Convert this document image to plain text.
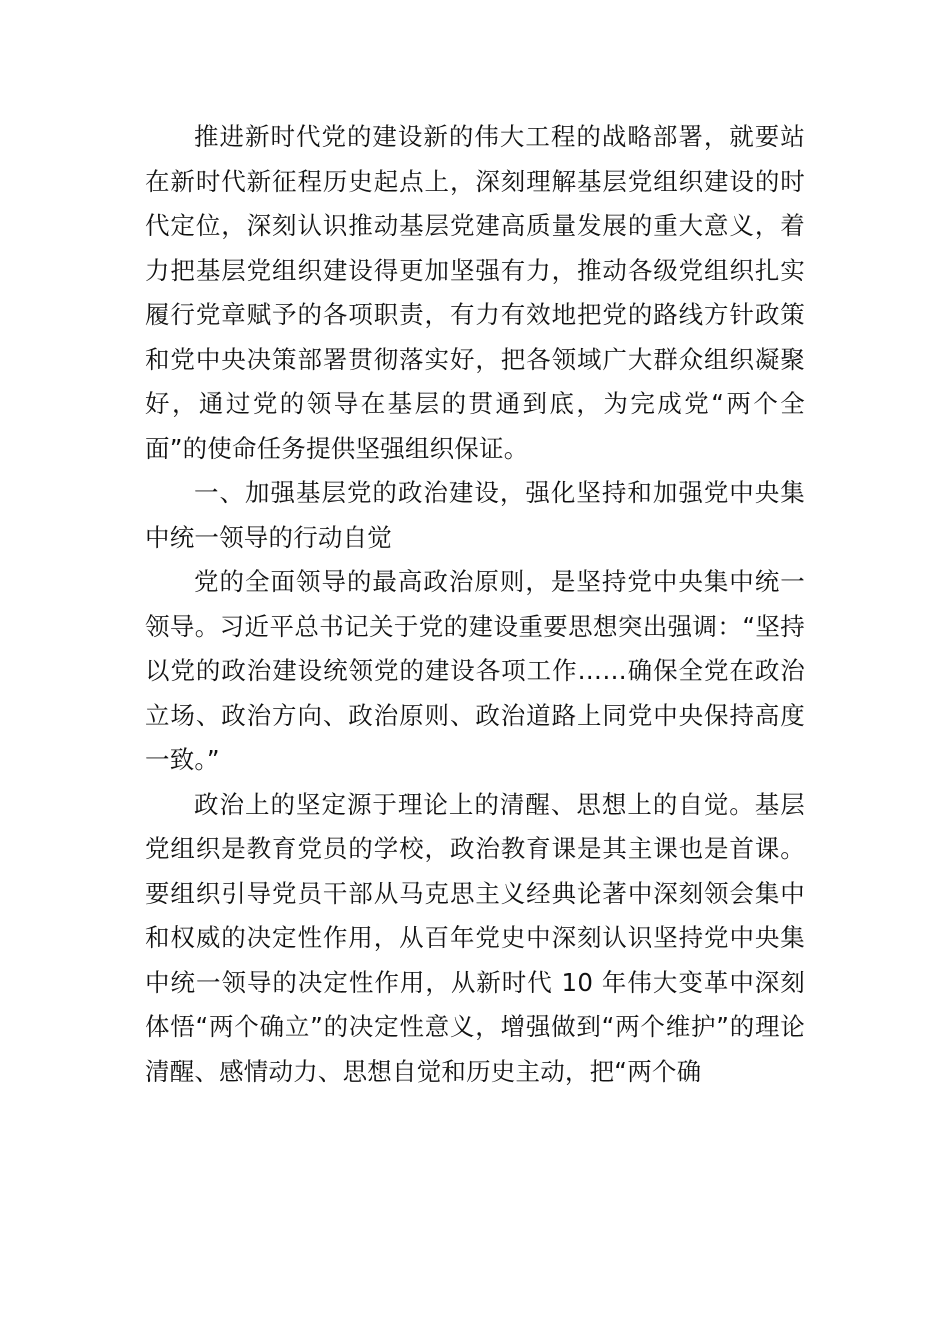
推进新时代党的建设新的伟大工程的战略部署，就要站在新时代新征程历史起点上，深刻理解基层党组织建设的时代定位，深刻认识推动基层党建高质量发展的重大意义，着力把基层党组织建设得更加坚强有力，推动各级党组织扎实履行党章赋予的各项职责，有力有效地把党的路线方针政策和党中央决策部署贯彻落实好，把各领域广大群众组织凝聚好，通过党的领导在基层的贯通到底，为完成党“两个全面”的使命任务提供坚强组织保证。

一、加强基层党的政治建设，强化坚持和加强党中央集中统一领导的行动自觉

党的全面领导的最高政治原则，是坚持党中央集中统一领导。习近平总书记关于党的建设重要思想突出强调：“坚持以党的政治建设统领党的建设各项工作……确保全党在政治立场、政治方向、政治原则、政治道路上同党中央保持高度一致。”

政治上的坚定源于理论上的清醒、思想上的自觉。基层党组织是教育党员的学校，政治教育课是其主课也是首课。要组织引导党员干部从马克思主义经典论著中深刻领会集中和权威的决定性作用，从百年党史中深刻认识坚持党中央集中统一领导的决定性作用，从新时代 10 年伟大变革中深刻体悟“两个确立”的决定性意义，增强做到“两个维护”的理论清醒、感情动力、思想自觉和历史主动，把“两个确
